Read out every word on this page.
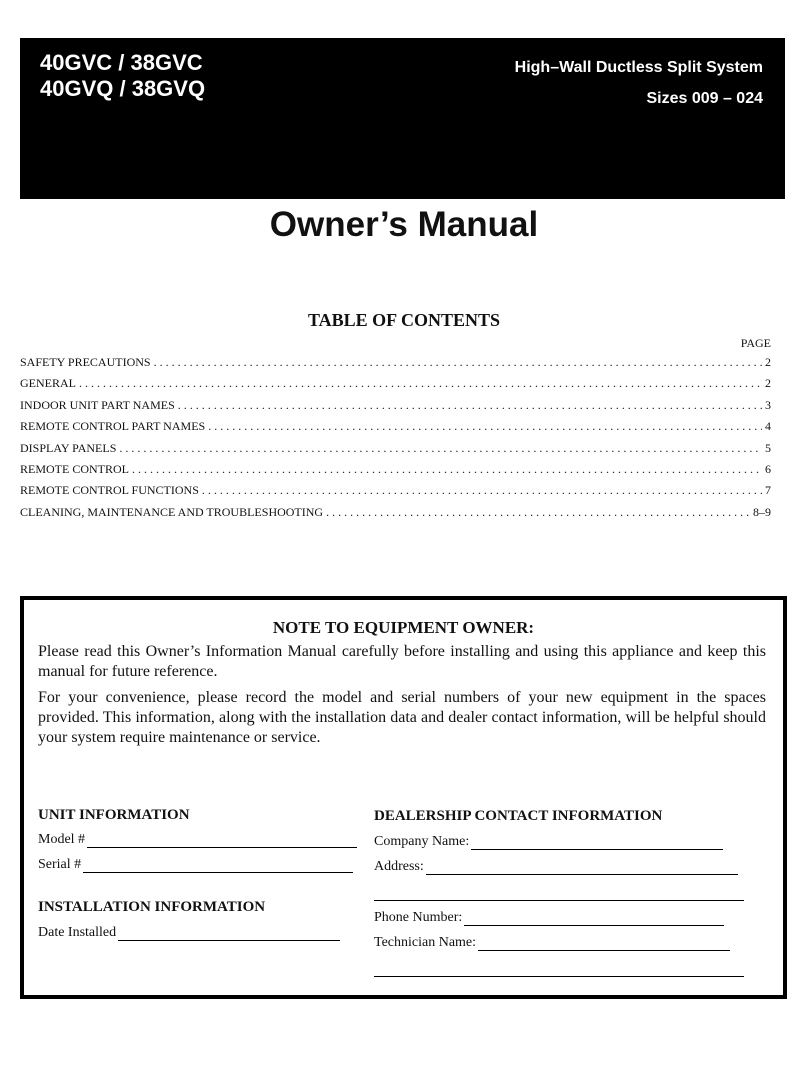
40GVC / 38GVC
40GVQ / 38GVQ
High–Wall Ductless Split System
Sizes 009 – 024
Owner’s Manual
TABLE OF CONTENTS
PAGE
SAFETY PRECAUTIONS . . .	2
GENERAL . . .	2
INDOOR UNIT PART NAMES . . .	3
REMOTE CONTROL PART NAMES . . .	4
DISPLAY PANELS . . .	5
REMOTE CONTROL . . .	6
REMOTE CONTROL FUNCTIONS . . .	7
CLEANING, MAINTENANCE AND TROUBLESHOOTING . . .	8–9
NOTE TO EQUIPMENT OWNER:

Please read this Owner’s Information Manual carefully before installing and using this appliance and keep this manual for future reference.

For your convenience, please record the model and serial numbers of your new equipment in the spaces provided. This information, along with the installation data and dealer contact information, will be helpful should your system require maintenance or service.

UNIT INFORMATION
Model #
Serial #
INSTALLATION INFORMATION
Date Installed
DEALERSHIP CONTACT INFORMATION
Company Name:
Address:
Phone Number:
Technician Name:
